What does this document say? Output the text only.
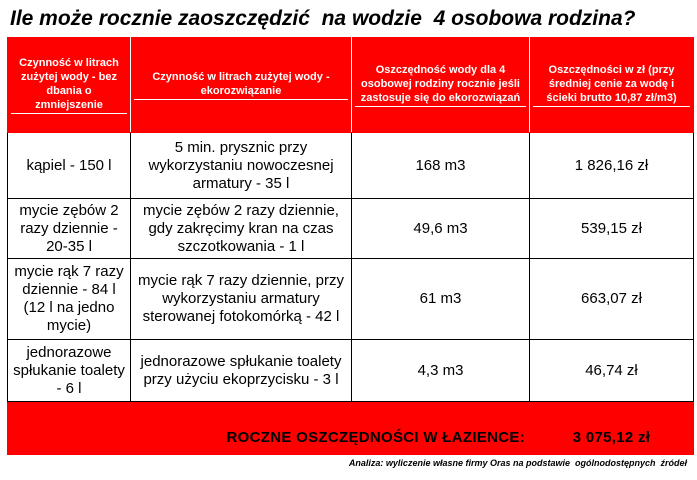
Ile może rocznie zaoszczędzić  na wodzie  4 osobowa rodzina?
Czynność w litrach zużytej wody - bez dbania o zmniejszenie	Czynność w litrach zużytej wody - ekorozwiązanie	Oszczędność wody dla 4 osobowej rodziny rocznie jeśli zastosuje się do ekorozwiązań	Oszczędności w zł (przy średniej cenie za wodę i ścieki brutto 10,87 zł/m3)

kąpiel - 150 l	5 min. prysznic przy wykorzystaniu nowoczesnej armatury - 35 l	168 m3	1 826,16 zł
mycie zębów 2 razy dziennie - 20-35 l	mycie zębów 2 razy dziennie, gdy zakręcimy kran na czas szczotkowania - 1 l	49,6 m3	539,15 zł
mycie rąk 7 razy dziennie - 84 l (12 l na jedno mycie)	mycie rąk 7 razy dziennie, przy wykorzystaniu armatury sterowanej fotokomórką - 42 l	61 m3	663,07 zł
jednorazowe spłukanie toalety - 6 l	jednorazowe spłukanie toalety przy użyciu ekoprzycisku - 3 l	4,3 m3	46,74 zł
ROCZNE OSZCZĘDNOŚCI W ŁAZIENCE:			3 075,12 zł
Analiza: wyliczenie własne firmy Oras na podstawie  ogólnodostępnych  źródeł
